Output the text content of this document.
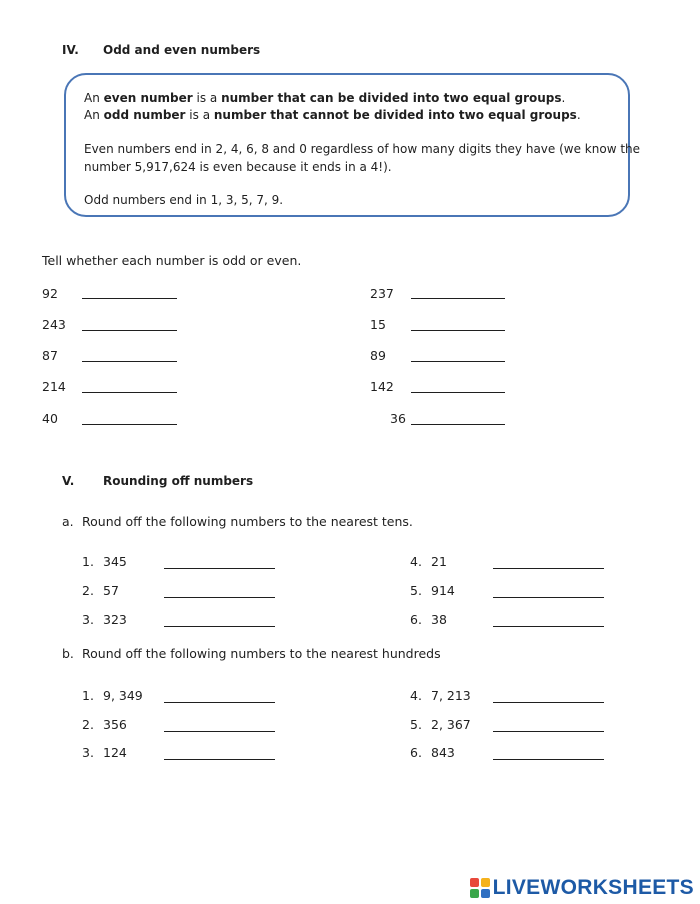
IV. Odd and even numbers
An even number is a number that can be divided into two equal groups.
An odd number is a number that cannot be divided into two equal groups.
Even numbers end in 2, 4, 6, 8 and 0 regardless of how many digits they have (we know the
number 5,917,624 is even because it ends in a 4!).
Odd numbers end in 1, 3, 5, 7, 9.
Tell whether each number is odd or even.
92
243
87
214
40
237
15
89
142
36
V. Rounding off numbers
a. Round off the following numbers to the nearest tens.
1. 345
2. 57
3. 323
4. 21
5. 914
6. 38
b. Round off the following numbers to the nearest hundreds
1. 9, 349
2. 356
3. 124
4. 7, 213
5. 2, 367
6. 843
LIVEWORKSHEETS
